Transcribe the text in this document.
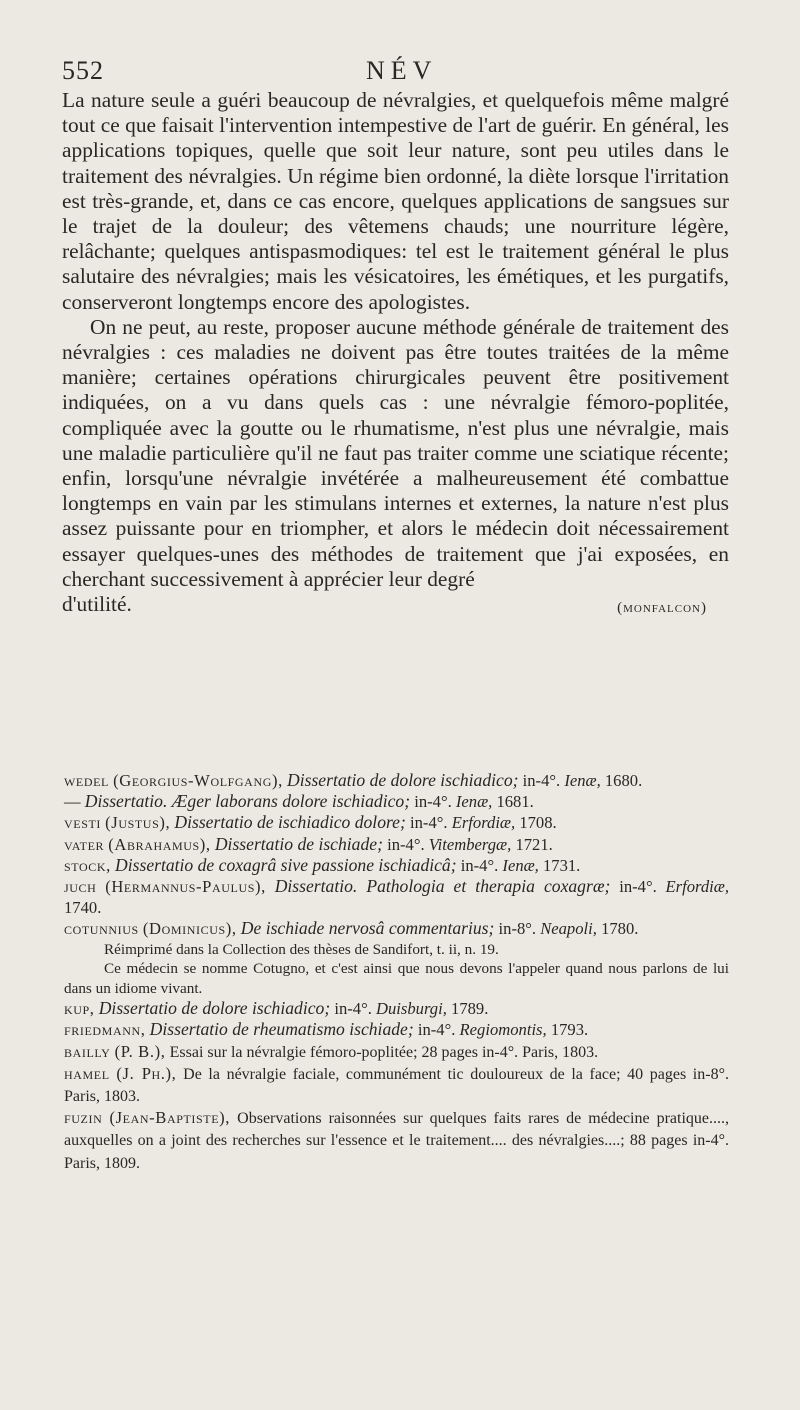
552	NÉV

La nature seule a guéri beaucoup de névralgies, et quelquefois même malgré tout ce que faisait l'intervention intempestive de l'art de guérir. En général, les applications topiques, quelle que soit leur nature, sont peu utiles dans le traitement des névralgies. Un régime bien ordonné, la diète lorsque l'irritation est très-grande, et, dans ce cas encore, quelques applications de sangsues sur le trajet de la douleur; des vêtemens chauds; une nourriture légère, relâchante; quelques antispasmodiques: tel est le traitement général le plus salutaire des névralgies; mais les vésicatoires, les émétiques, et les purgatifs, conserveront longtemps encore des apologistes.

On ne peut, au reste, proposer aucune méthode générale de traitement des névralgies : ces maladies ne doivent pas être toutes traitées de la même manière; certaines opérations chirurgicales peuvent être positivement indiquées, on a vu dans quels cas : une névralgie fémoro-poplitée, compliquée avec la goutte ou le rhumatisme, n'est plus une névralgie, mais une maladie particulière qu'il ne faut pas traiter comme une sciatique récente; enfin, lorsqu'une névralgie invétérée a malheureusement été combattue longtemps en vain par les stimulans internes et externes, la nature n'est plus assez puissante pour en triompher, et alors le médecin doit nécessairement essayer quelques-unes des méthodes de traitement que j'ai exposées, en cherchant successivement à apprécier leur degré

d'utilité.	(monfalcon)

wedel (Georgius-Wolfgang), Dissertatio de dolore ischiadico; in-4°. Ienæ, 1680.

— Dissertatio. Æger laborans dolore ischiadico; in-4°. Ienæ, 1681.

vesti (Justus), Dissertatio de ischiadico dolore; in-4°. Erfordiæ, 1708.

vater (Abrahamus), Dissertatio de ischiade; in-4°. Vitembergæ, 1721.

stock, Dissertatio de coxagrâ sive passione ischiadicâ; in-4°. Ienæ, 1731.

juch (Hermannus-Paulus), Dissertatio. Pathologia et therapia coxagræ; in-4°. Erfordiæ, 1740.

cotunnius (Dominicus), De ischiade nervosâ commentarius; in-8°. Neapoli, 1780.

Réimprimé dans la Collection des thèses de Sandifort, t. ii, n. 19.

Ce médecin se nomme Cotugno, et c'est ainsi que nous devons l'appeler quand nous parlons de lui dans un idiome vivant.

kup, Dissertatio de dolore ischiadico; in-4°. Duisburgi, 1789.

friedmann, Dissertatio de rheumatismo ischiade; in-4°. Regiomontis, 1793.

bailly (P. B.), Essai sur la névralgie fémoro-poplitée; 28 pages in-4°. Paris, 1803.

hamel (J. Ph.), De la névralgie faciale, communément tic douloureux de la face; 40 pages in-8°. Paris, 1803.

fuzin (Jean-Baptiste), Observations raisonnées sur quelques faits rares de médecine pratique...., auxquelles on a joint des recherches sur l'essence et le traitement.... des névralgies....; 88 pages in-4°. Paris, 1809.
